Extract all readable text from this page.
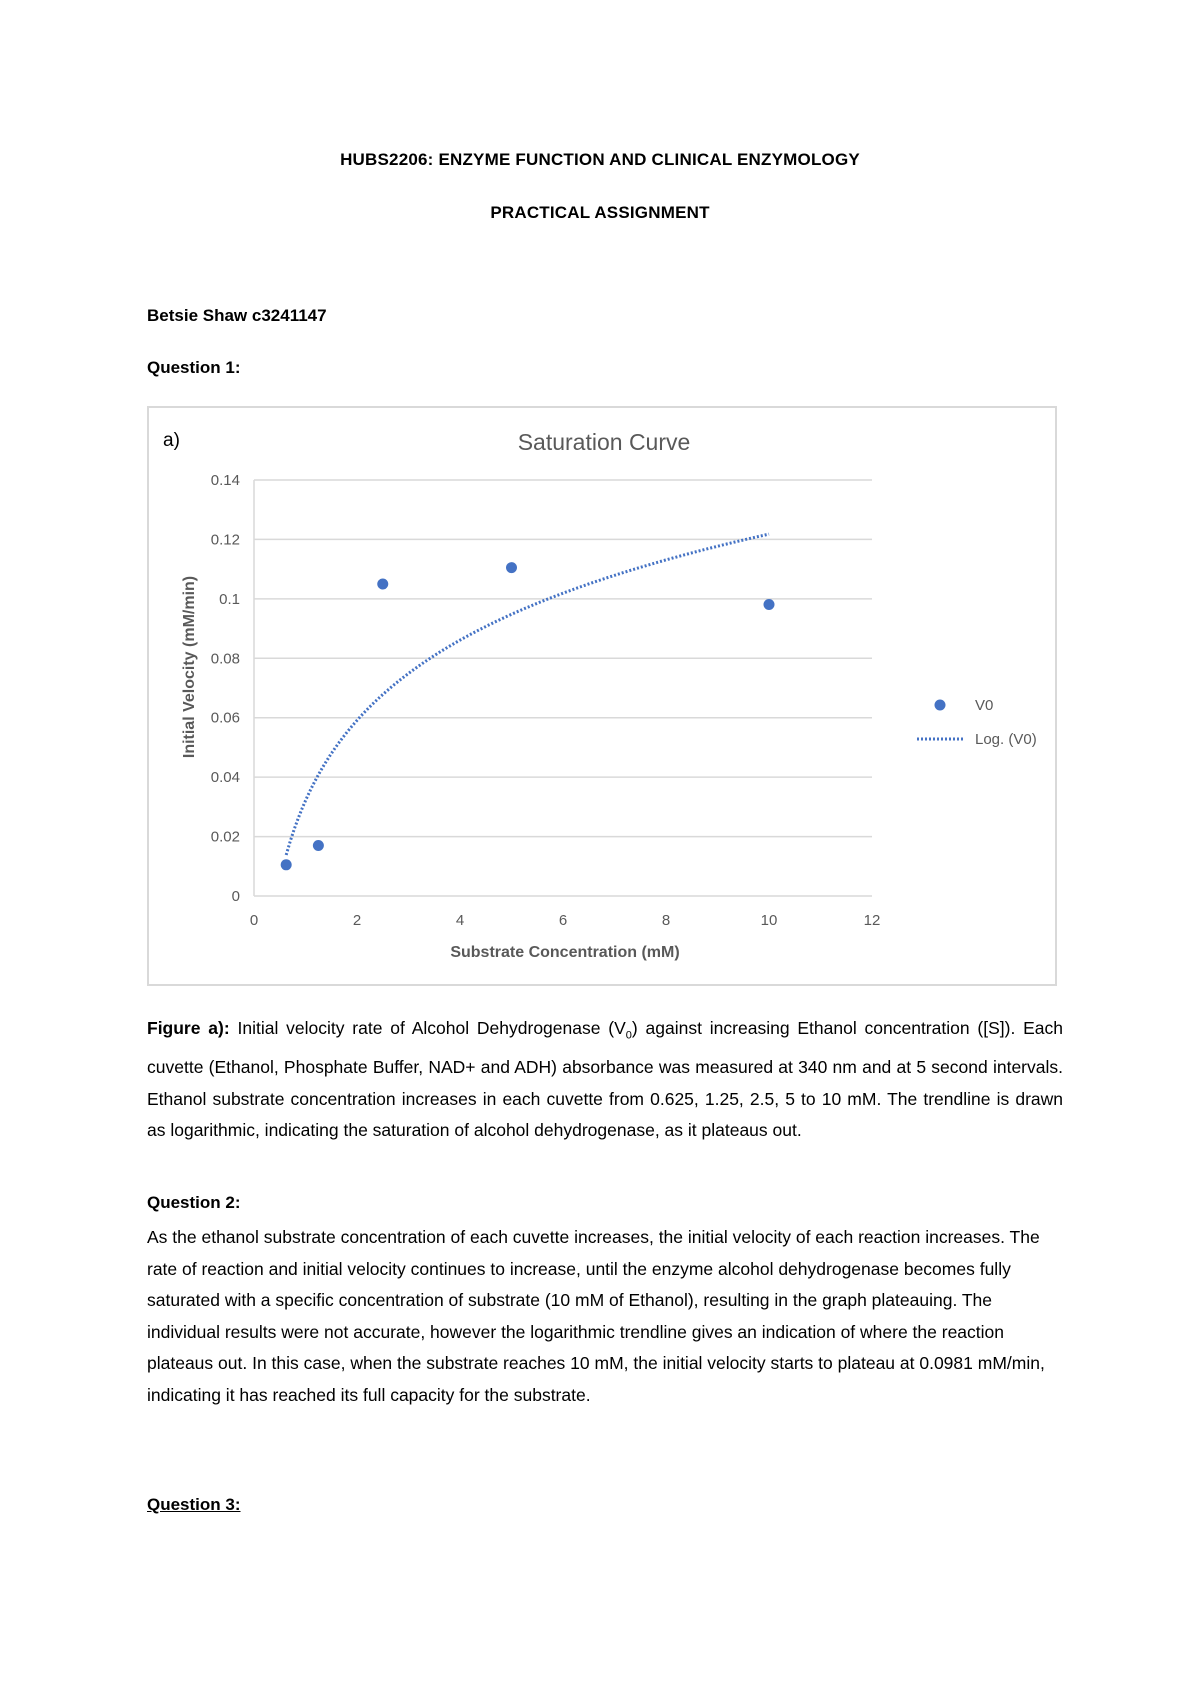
HUBS2206: ENZYME FUNCTION AND CLINICAL ENZYMOLOGY
PRACTICAL ASSIGNMENT
Betsie Shaw c3241147
Question 1:
a)	Saturation Curve
0
0.02
0.04
0.06
0.08
0.1
0.12
0.14
0	2	4	6	8	10	12
Substrate Concentration (mM)
Initial Velocity (mM/min)	V0
Log. (V0)
Figure a): Initial velocity rate of Alcohol Dehydrogenase $(V_0)$ against increasing Ethanol concentration ([S]). Each cuvette (Ethanol, Phosphate Buffer, NAD+ and ADH) absorbance was measured at 340 nm and at 5 second intervals. Ethanol substrate concentration increases in each cuvette from 0.625, 1.25, 2.5, 5 to 10 mM. The trendline is drawn as logarithmic, indicating the saturation of alcohol dehydrogenase, as it plateaus out.
Question 2:
As the ethanol substrate concentration of each cuvette increases, the initial velocity of each reaction increases. The rate of reaction and initial velocity continues to increase, until the enzyme alcohol dehydrogenase becomes fully saturated with a specific concentration of substrate (10 mM of Ethanol), resulting in the graph plateauing. The individual results were not accurate, however the logarithmic trendline gives an indication of where the reaction plateaus out. In this case, when the substrate reaches 10 mM, the initial velocity starts to plateau at 0.0981 mM/min, indicating it has reached its full capacity for the substrate.
Question 3:
